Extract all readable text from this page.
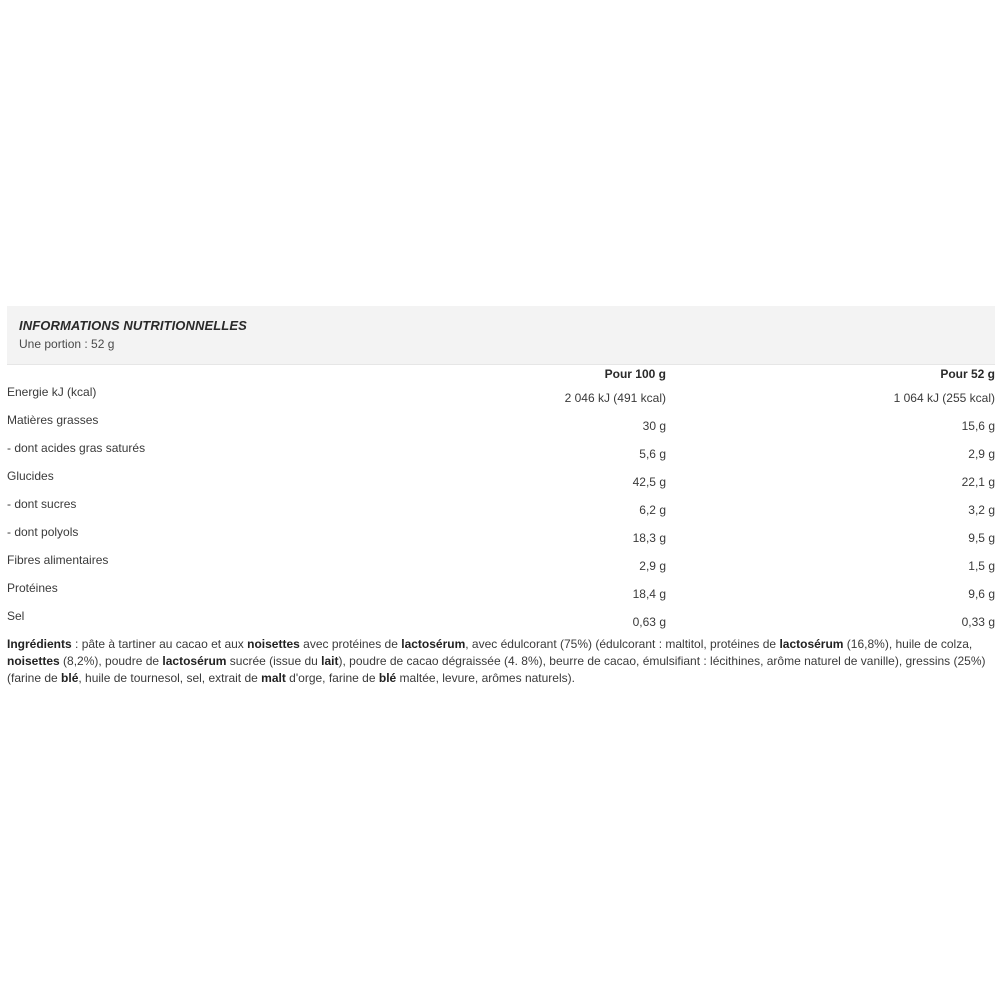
INFORMATIONS NUTRITIONNELLES
Une portion : 52 g
Pour 100 g	Pour 52 g
Energie kJ (kcal)	2 046 kJ (491 kcal)	1 064 kJ (255 kcal)
Matières grasses	30 g	15,6 g
- dont acides gras saturés	5,6 g	2,9 g
Glucides	42,5 g	22,1 g
- dont sucres	6,2 g	3,2 g
- dont polyols	18,3 g	9,5 g
Fibres alimentaires	2,9 g	1,5 g
Protéines	18,4 g	9,6 g
Sel	0,63 g	0,33 g
Ingrédients : pâte à tartiner au cacao et aux noisettes avec protéines de lactosérum, avec édulcorant (75%) (édulcorant : maltitol, protéines de lactosérum (16,8%), huile de colza, noisettes (8,2%), poudre de lactosérum sucrée (issue du lait), poudre de cacao dégraissée (4. 8%), beurre de cacao, émulsifiant : lécithines, arôme naturel de vanille), gressins (25%) (farine de blé, huile de tournesol, sel, extrait de malt d'orge, farine de blé maltée, levure, arômes naturels).
